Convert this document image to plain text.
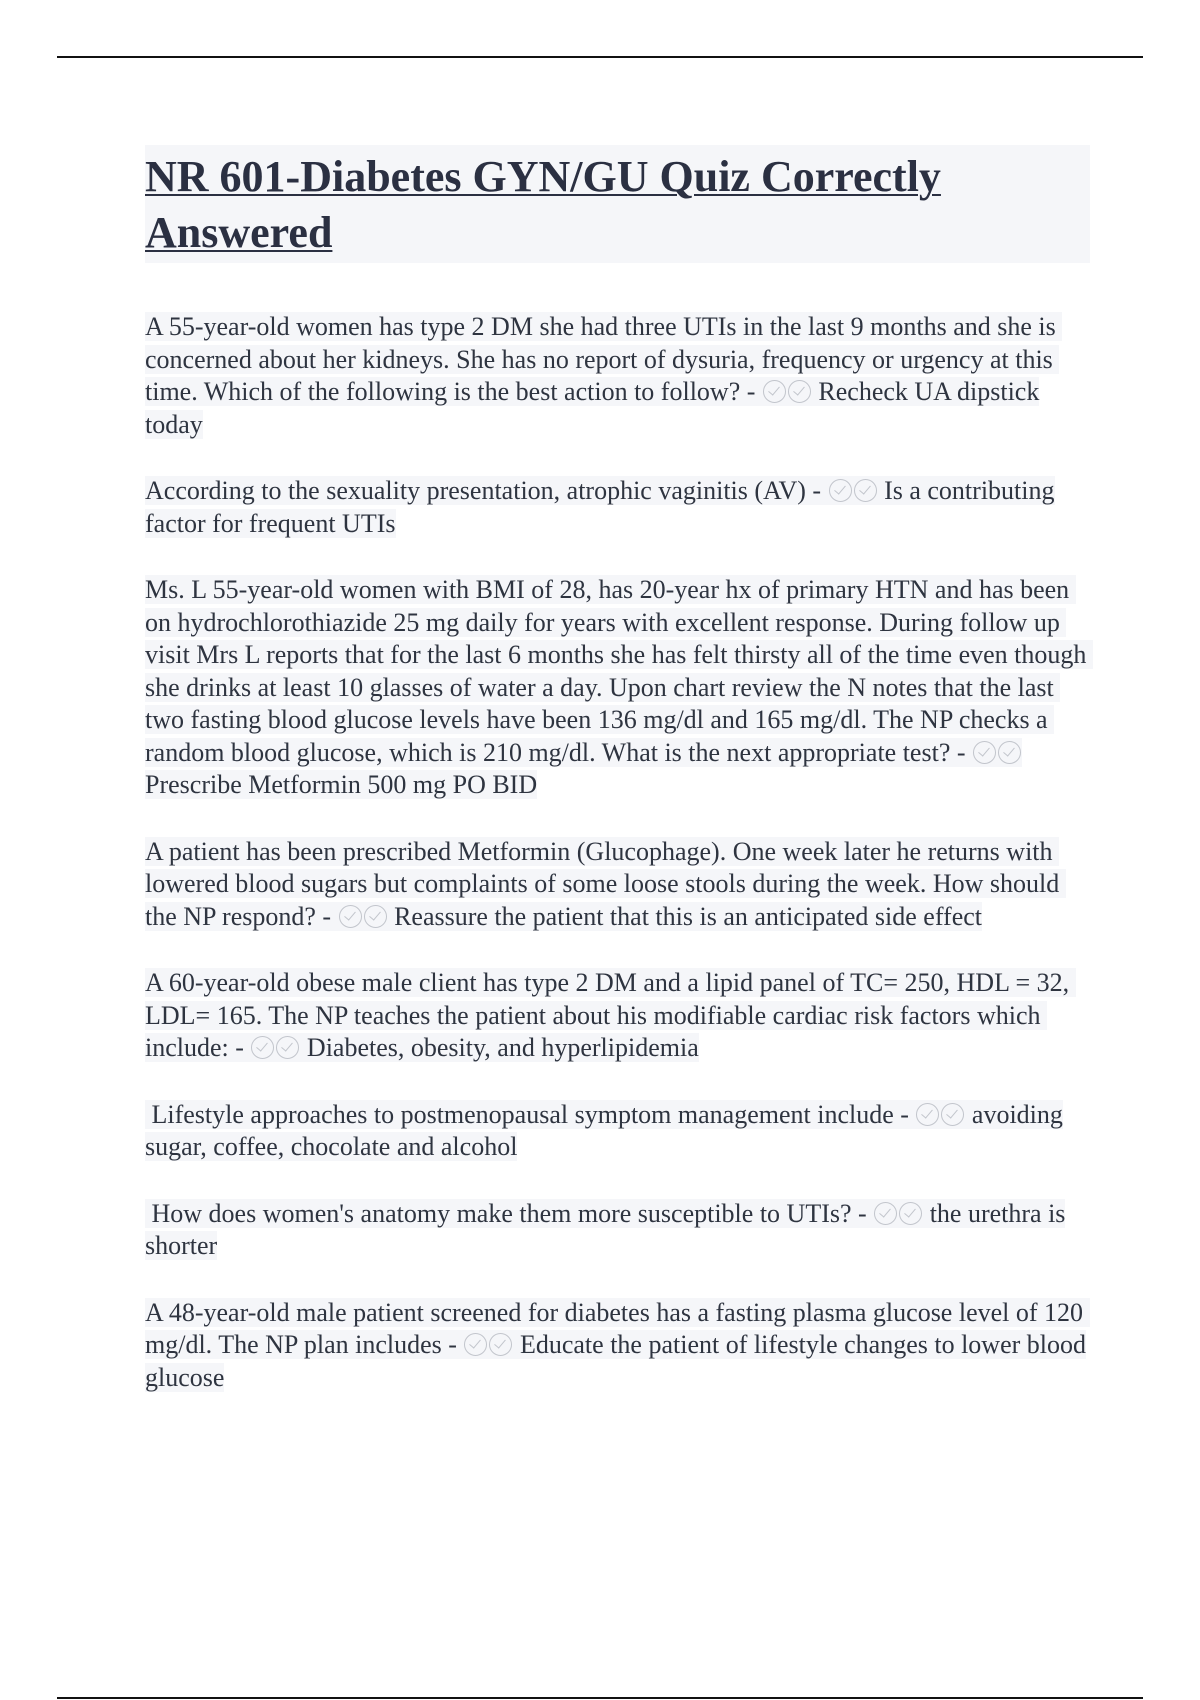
NR 601-Diabetes GYN/GU Quiz Correctly Answered

A 55-year-old women has type 2 DM she had three UTIs in the last 9 months and she is concerned about her kidneys. She has no report of dysuria, frequency or urgency at this time. Which of the following is the best action to follow? - Recheck UA dipstick today

According to the sexuality presentation, atrophic vaginitis (AV) - Is a contributing factor for frequent UTIs

Ms. L 55-year-old women with BMI of 28, has 20-year hx of primary HTN and has been on hydrochlorothiazide 25 mg daily for years with excellent response. During follow up visit Mrs L reports that for the last 6 months she has felt thirsty all of the time even though she drinks at least 10 glasses of water a day. Upon chart review the N notes that the last two fasting blood glucose levels have been 136 mg/dl and 165 mg/dl. The NP checks a random blood glucose, which is 210 mg/dl. What is the next appropriate test? -  Prescribe Metformin 500 mg PO BID

A patient has been prescribed Metformin (Glucophage). One week later he returns with lowered blood sugars but complaints of some loose stools during the week. How should the NP respond? - Reassure the patient that this is an anticipated side effect

A 60-year-old obese male client has type 2 DM and a lipid panel of TC= 250, HDL = 32, LDL= 165. The NP teaches the patient about his modifiable cardiac risk factors which include: - Diabetes, obesity, and hyperlipidemia

Lifestyle approaches to postmenopausal symptom management include - avoiding sugar, coffee, chocolate and alcohol

How does women's anatomy make them more susceptible to UTIs? - the urethra is shorter

A 48-year-old male patient screened for diabetes has a fasting plasma glucose level of 120 mg/dl. The NP plan includes - Educate the patient of lifestyle changes to lower blood glucose
